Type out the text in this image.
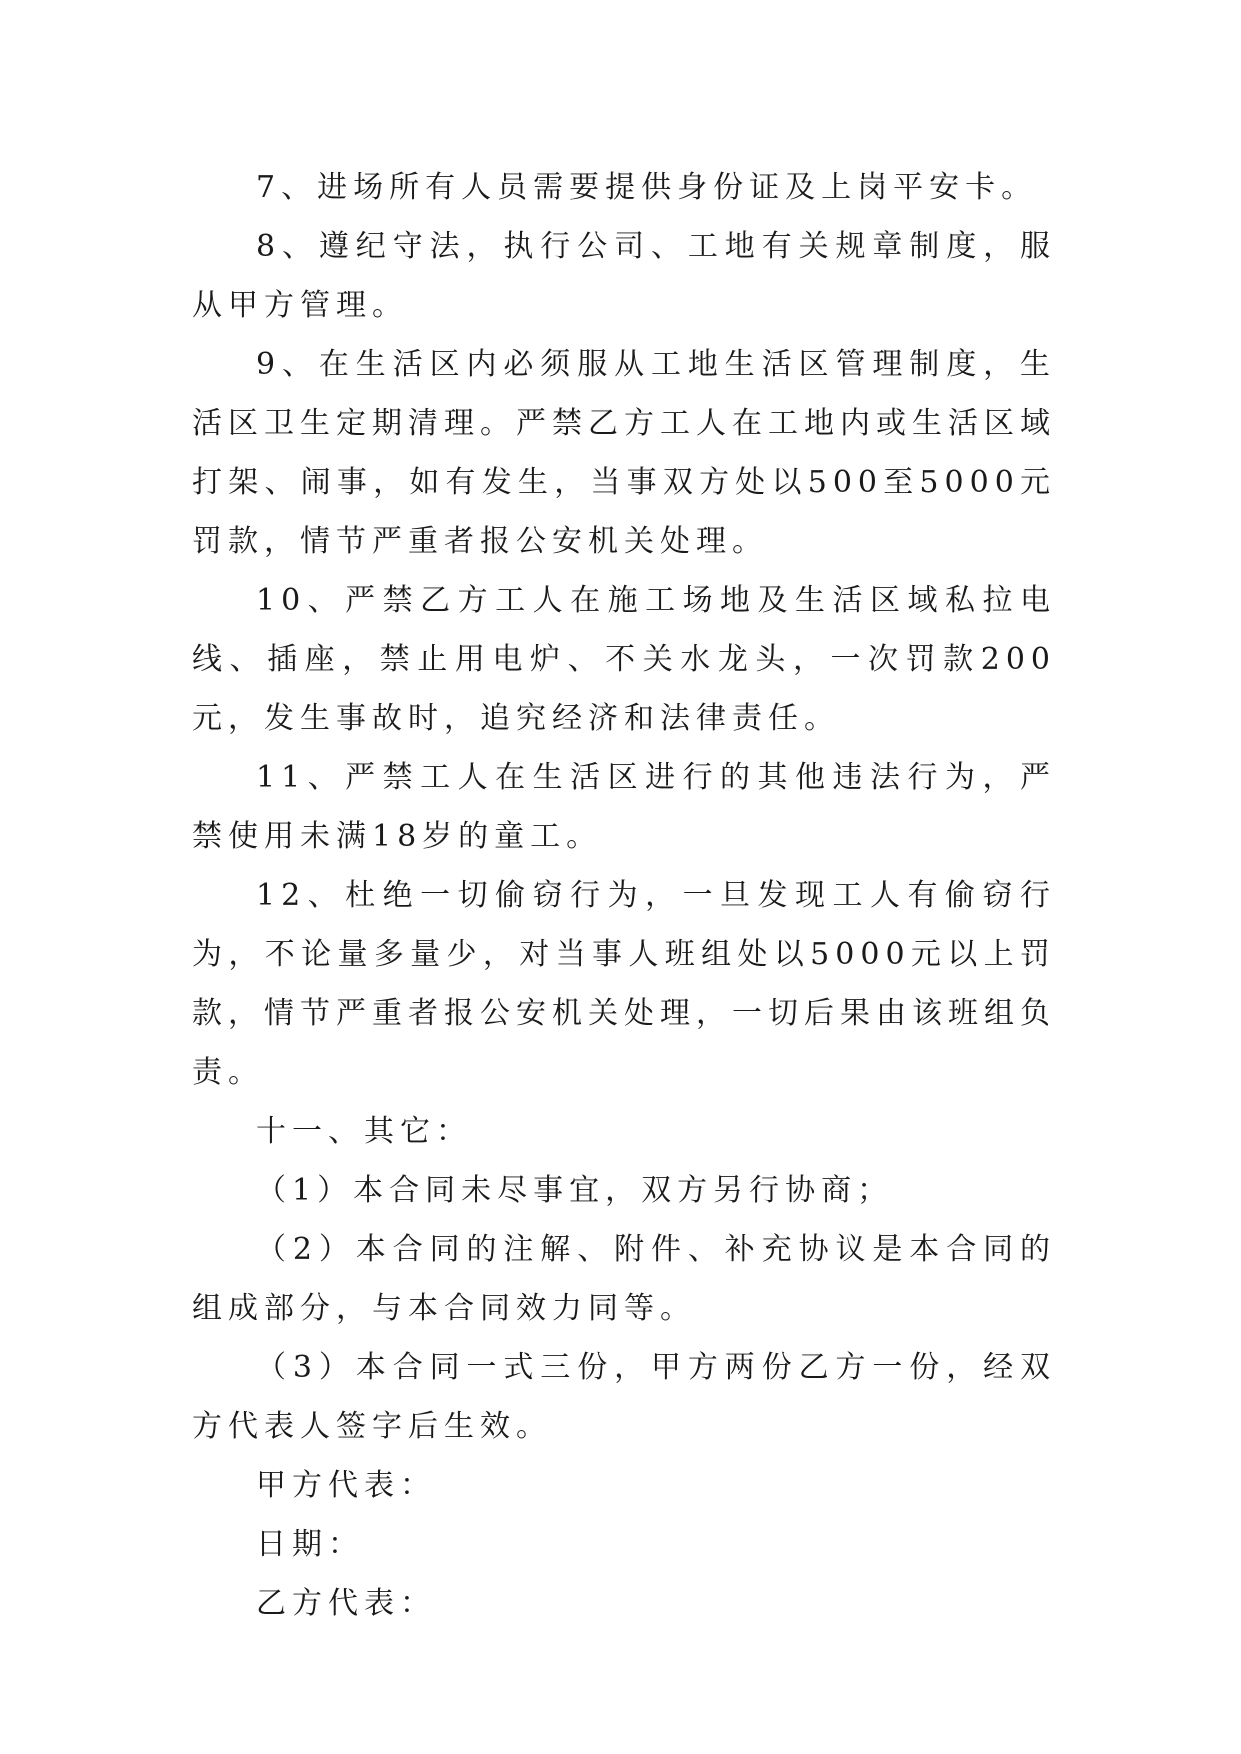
7、进场所有人员需要提供身份证及上岗平安卡。

8、遵纪守法，执行公司、工地有关规章制度，服从甲方管理。

9、在生活区内必须服从工地生活区管理制度，生活区卫生定期清理。严禁乙方工人在工地内或生活区域打架、闹事，如有发生，当事双方处以500至5000元罚款，情节严重者报公安机关处理。

10、严禁乙方工人在施工场地及生活区域私拉电线、插座，禁止用电炉、不关水龙头，一次罚款200元，发生事故时，追究经济和法律责任。

11、严禁工人在生活区进行的其他违法行为，严禁使用未满18岁的童工。

12、杜绝一切偷窃行为，一旦发现工人有偷窃行为，不论量多量少，对当事人班组处以5000元以上罚款，情节严重者报公安机关处理，一切后果由该班组负责。

十一、其它：

（1）本合同未尽事宜，双方另行协商；

（2）本合同的注解、附件、补充协议是本合同的组成部分，与本合同效力同等。

（3）本合同一式三份，甲方两份乙方一份，经双方代表人签字后生效。

甲方代表：

日期：

乙方代表：
